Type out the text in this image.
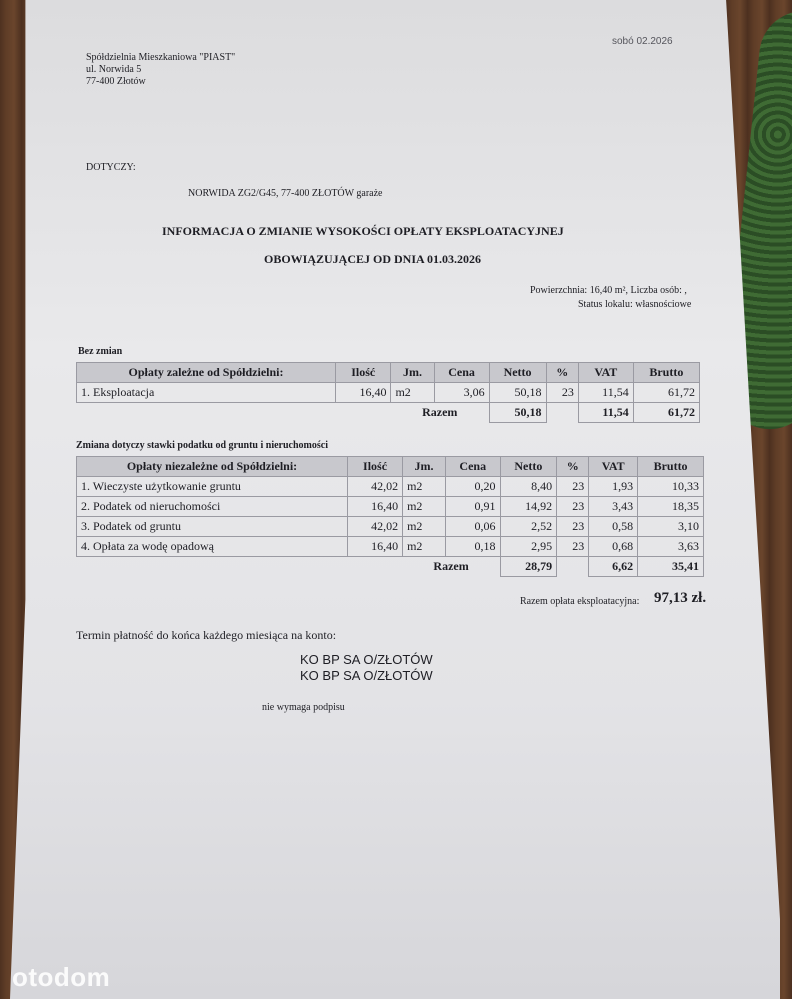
sobó 02.2026
Spółdzielnia Mieszkaniowa "PIAST"
ul. Norwida 5
77-400 Złotów
DOTYCZY:
NORWIDA ZG2/G45, 77-400 ZŁOTÓW garaże
INFORMACJA O ZMIANIE WYSOKOŚCI OPŁATY EKSPLOATACYJNEJ
OBOWIĄZUJĄCEJ OD DNIA 01.03.2026
Powierzchnia: 16,40 m², Liczba osób: ,
Status lokalu: własnościowe
Bez zmian
Opłaty zależne od Spółdzielni:	Ilość	Jm.	Cena	Netto	%	VAT	Brutto
1. Eksploatacja	16,40	m2	3,06	50,18	23	11,54	61,72
		Razem		50,18		11,54	61,72
Zmiana dotyczy stawki podatku od gruntu i nieruchomości
Opłaty niezależne od Spółdzielni:	Ilość	Jm.	Cena	Netto	%	VAT	Brutto
1. Wieczyste użytkowanie gruntu	42,02	m2	0,20	8,40	23	1,93	10,33
2. Podatek od nieruchomości	16,40	m2	0,91	14,92	23	3,43	18,35
3. Podatek od gruntu	42,02	m2	0,06	2,52	23	0,58	3,10
4. Opłata za wodę opadową	16,40	m2	0,18	2,95	23	0,68	3,63
		Razem		28,79		6,62	35,41
Razem opłata eksploatacyjna: 97,13 zł.
Termin płatność do końca każdego miesiąca na konto:
KO BP SA O/ZŁOTÓW
KO BP SA O/ZŁOTÓW
nie wymaga podpisu
otodom
